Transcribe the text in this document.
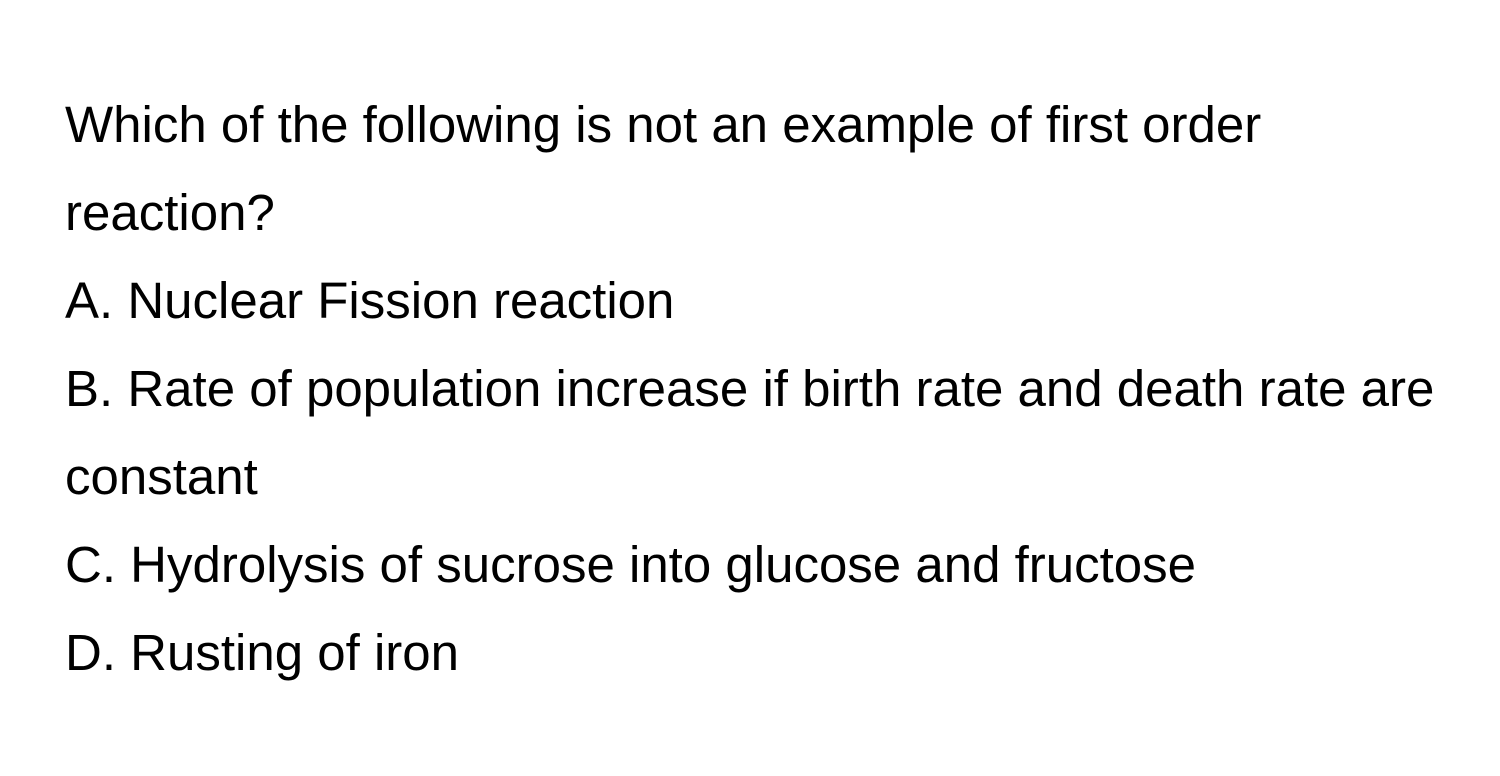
Which of the following is not an example of first order reaction?

A. Nuclear Fission reaction

B. Rate of population increase if birth rate and death rate are constant

C. Hydrolysis of sucrose into glucose and fructose

D. Rusting of iron
